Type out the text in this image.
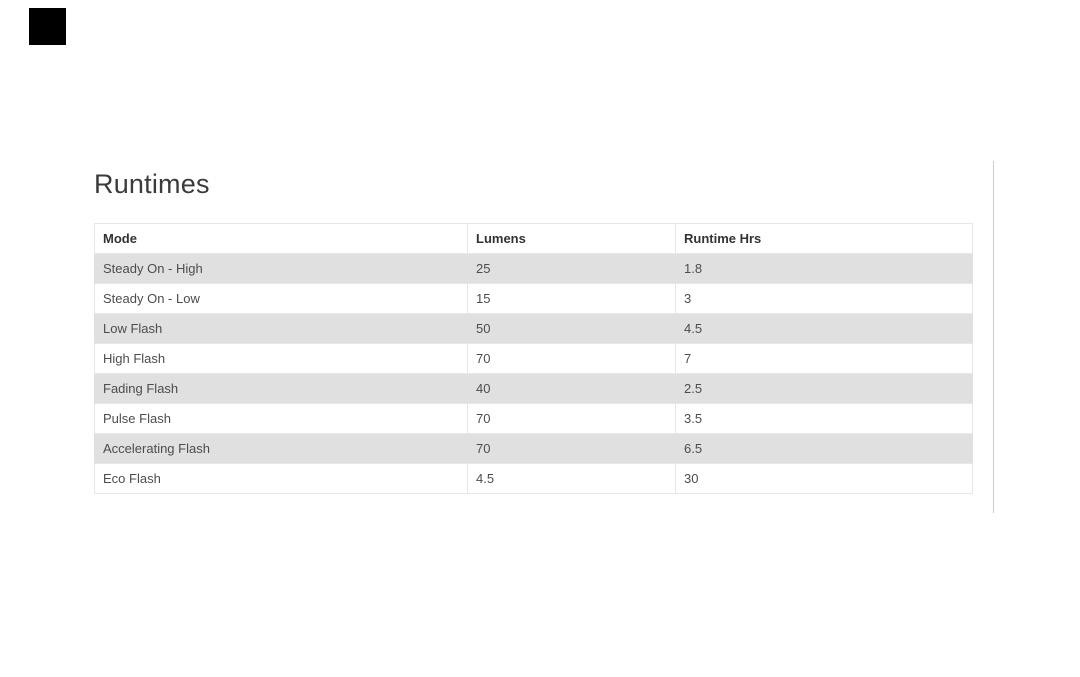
Runtimes
Mode	Lumens	Runtime Hrs
Steady On - High	25	1.8
Steady On - Low	15	3
Low Flash	50	4.5
High Flash	70	7
Fading Flash	40	2.5
Pulse Flash	70	3.5
Accelerating Flash	70	6.5
Eco Flash	4.5	30
